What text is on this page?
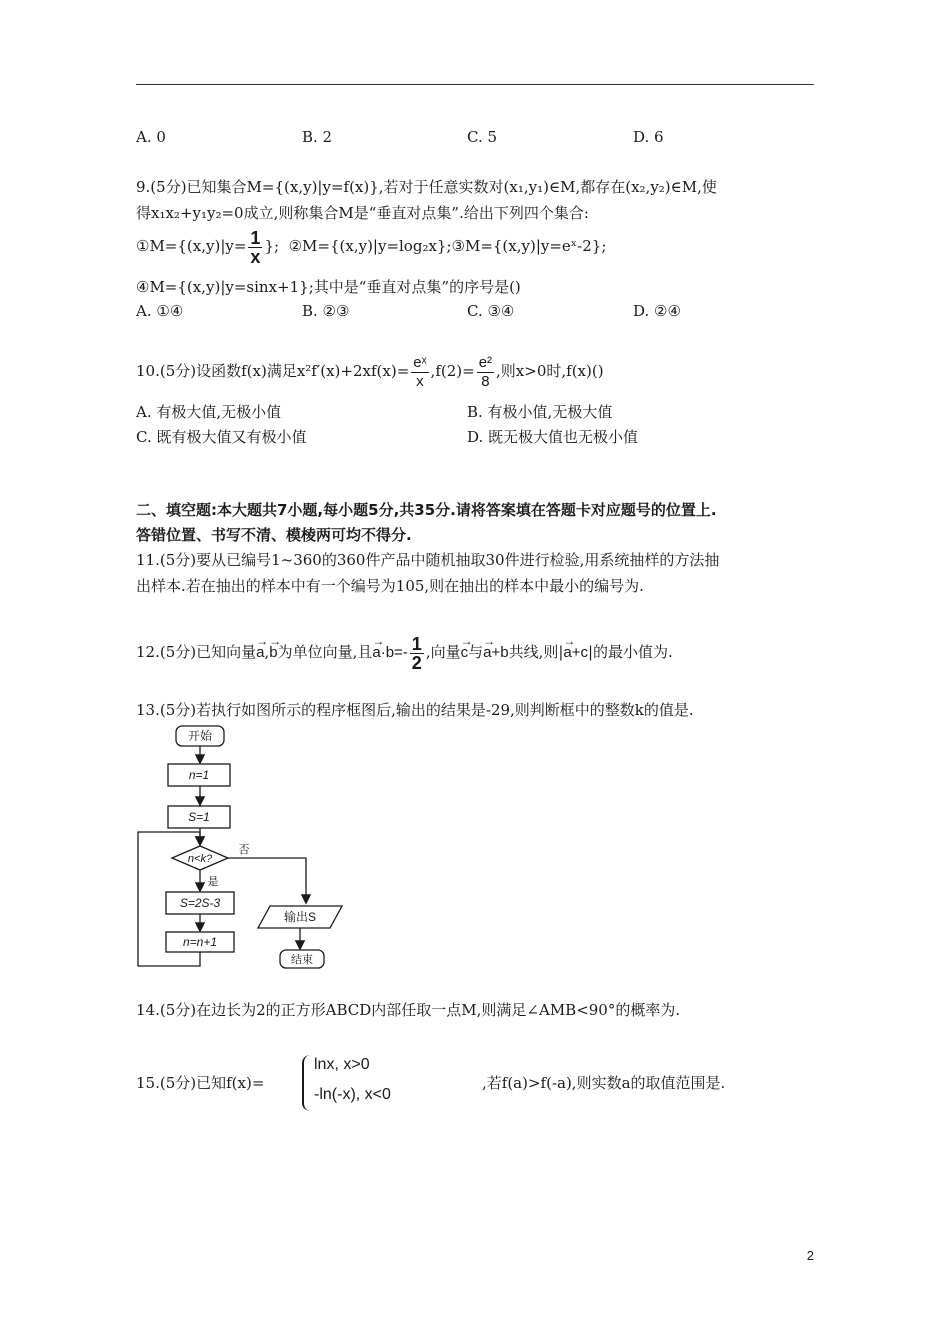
A. 0	B. 2	C. 5	D. 6
9.(5分)已知集合M={(x,y)|y=f(x)},若对于任意实数对(x₁,y₁)∈M,都存在(x₂,y₂)∈M,使
得x₁x₂+y₁y₂=0成立,则称集合M是“垂直对点集”.给出下列四个集合:
①M={(x,y)|y= $\frac{1}{x}$ }; ②M={(x,y)|y=log₂x};③M={(x,y)|y=eˣ-2};
④M={(x,y)|y=sinx+1};其中是“垂直对点集”的序号是()
A. ①④	B. ②③	C. ③④	D. ②④
10.(5分)设函数f(x)满足$x^2f'(x)+2xf(x)= \frac{\text{eˣ}}{x} ,f(2)= \frac{\text{e²}}{8}$ ,则x>0时,f(x)()
A. 有极大值,无极小值	B. 有极小值,无极大值
C. 既有极大值又有极小值	D. 既无极大值也无极小值
二、填空题:本大题共7小题,每小题5分,共35分.请将答案填在答题卡对应题号的位置上.
答错位置、书写不清、模棱两可均不得分.
11.(5分)要从已编号1~360的360件产品中随机抽取30件进行检验,用系统抽样的方法抽
出样本.若在抽出的样本中有一个编号为105,则在抽出的样本中最小的编号为.
12.(5分)已知向量→ a,→ b为单位向量,且→ $a\cdot b=- \frac{1}{2}$ ,向量→ c与→ a+b共线,则|→ a+c|的最小值为.
13.(5分)若执行如图所示的程序框图后,输出的结果是-29,则判断框中的整数k的值是.
开始
n=1
S=1
n<k?
否
是
S=2S-3
n=n+1
输出S
结束
14.(5分)在边长为2的正方形ABCD内部任取一点M,则满足∠AMB<90°的概率为.
15.(5分)已知f(x)=
lnx, x>0
-ln(-x), x<0
,若f(a)>f(-a),则实数a的取值范围是.
2
